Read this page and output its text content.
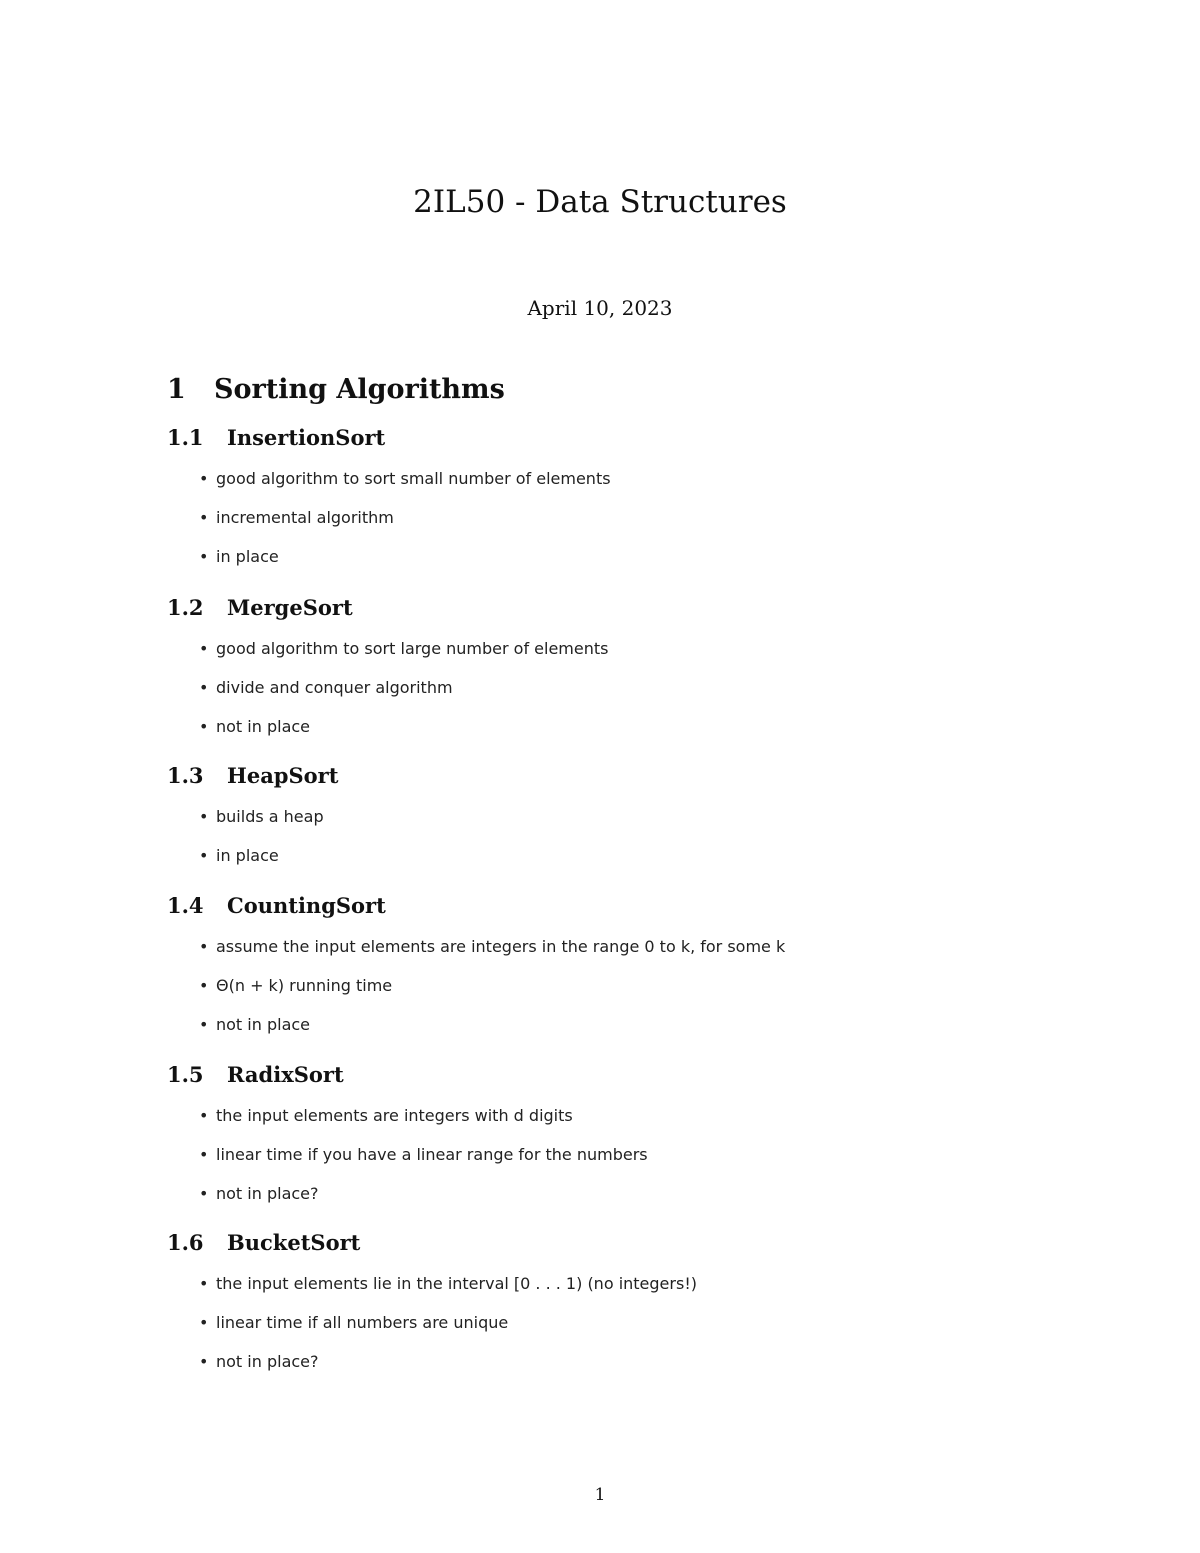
2IL50 - Data Structures
April 10, 2023
1 Sorting Algorithms
1.1 InsertionSort
• good algorithm to sort small number of elements
• incremental algorithm
• in place
1.2 MergeSort
• good algorithm to sort large number of elements
• divide and conquer algorithm
• not in place
1.3 HeapSort
• builds a heap
• in place
1.4 CountingSort
• assume the input elements are integers in the range 0 to k, for some k
• Θ(n + k) running time
• not in place
1.5 RadixSort
• the input elements are integers with d digits
• linear time if you have a linear range for the numbers
• not in place?
1.6 BucketSort
• the input elements lie in the interval [0 . . . 1) (no integers!)
• linear time if all numbers are unique
• not in place?
1
